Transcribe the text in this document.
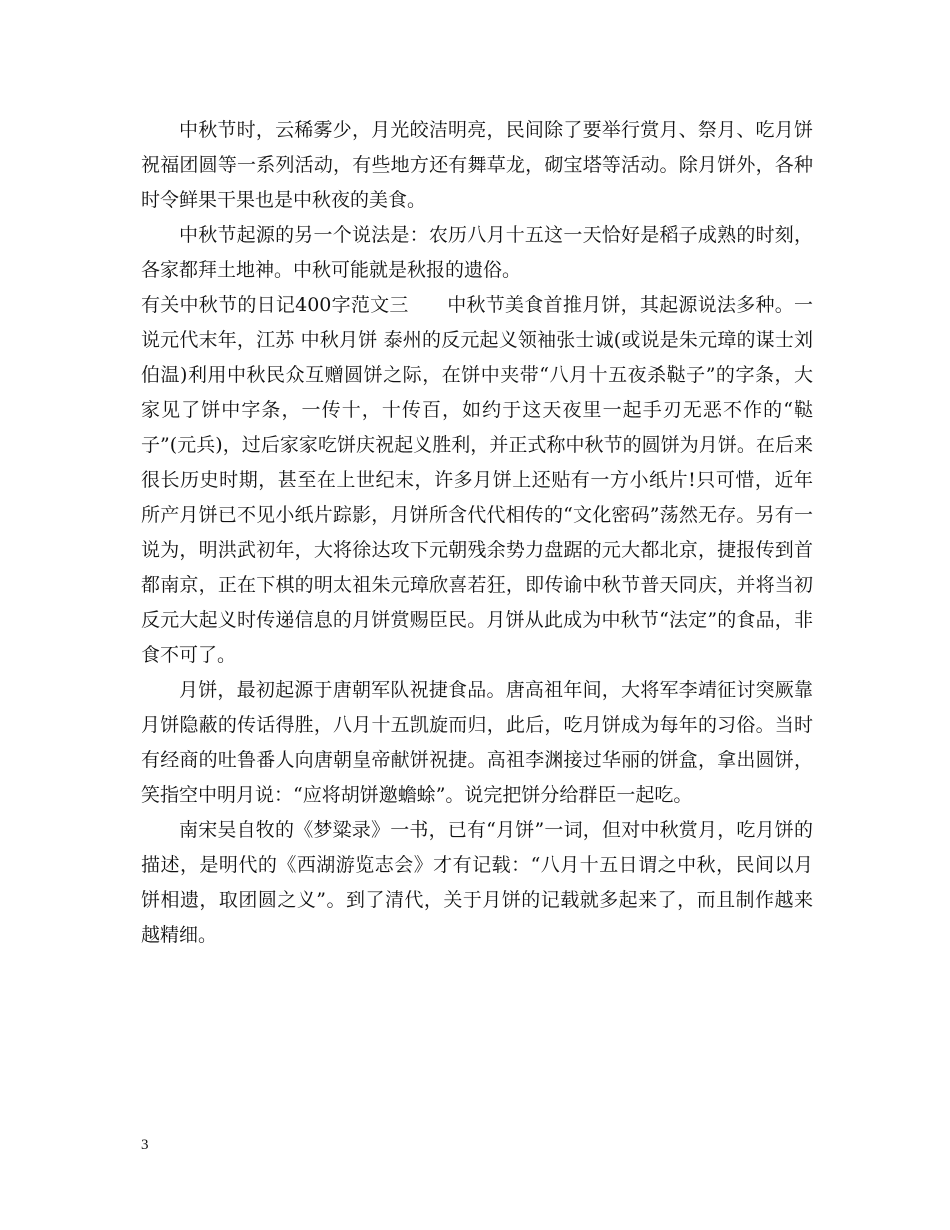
中秋节时，云稀雾少，月光皎洁明亮，民间除了要举行赏月、祭月、吃月饼祝福团圆等一系列活动，有些地方还有舞草龙，砌宝塔等活动。除月饼外，各种时令鲜果干果也是中秋夜的美食。

中秋节起源的另一个说法是：农历八月十五这一天恰好是稻子成熟的时刻，各家都拜土地神。中秋可能就是秋报的遗俗。

有关中秋节的日记400字范文三　　中秋节美食首推月饼，其起源说法多种。一说元代末年，江苏 中秋月饼 泰州的反元起义领袖张士诚(或说是朱元璋的谋士刘伯温)利用中秋民众互赠圆饼之际，在饼中夹带“八月十五夜杀鞑子”的字条，大家见了饼中字条，一传十，十传百，如约于这天夜里一起手刃无恶不作的“鞑子”(元兵)，过后家家吃饼庆祝起义胜利，并正式称中秋节的圆饼为月饼。在后来很长历史时期，甚至在上世纪末，许多月饼上还贴有一方小纸片!只可惜，近年所产月饼已不见小纸片踪影，月饼所含代代相传的“文化密码”荡然无存。另有一说为，明洪武初年，大将徐达攻下元朝残余势力盘踞的元大都北京，捷报传到首都南京，正在下棋的明太祖朱元璋欣喜若狂，即传谕中秋节普天同庆，并将当初反元大起义时传递信息的月饼赏赐臣民。月饼从此成为中秋节“法定”的食品，非食不可了。

月饼，最初起源于唐朝军队祝捷食品。唐高祖年间，大将军李靖征讨突厥靠月饼隐蔽的传话得胜，八月十五凯旋而归，此后，吃月饼成为每年的习俗。当时有经商的吐鲁番人向唐朝皇帝献饼祝捷。高祖李渊接过华丽的饼盒，拿出圆饼，笑指空中明月说：“应将胡饼邀蟾蜍”。说完把饼分给群臣一起吃。

南宋吴自牧的《梦粱录》一书，已有“月饼”一词，但对中秋赏月，吃月饼的描述，是明代的《西湖游览志会》才有记载：“八月十五日谓之中秋，民间以月饼相遗，取团圆之义”。到了清代，关于月饼的记载就多起来了，而且制作越来越精细。

3
